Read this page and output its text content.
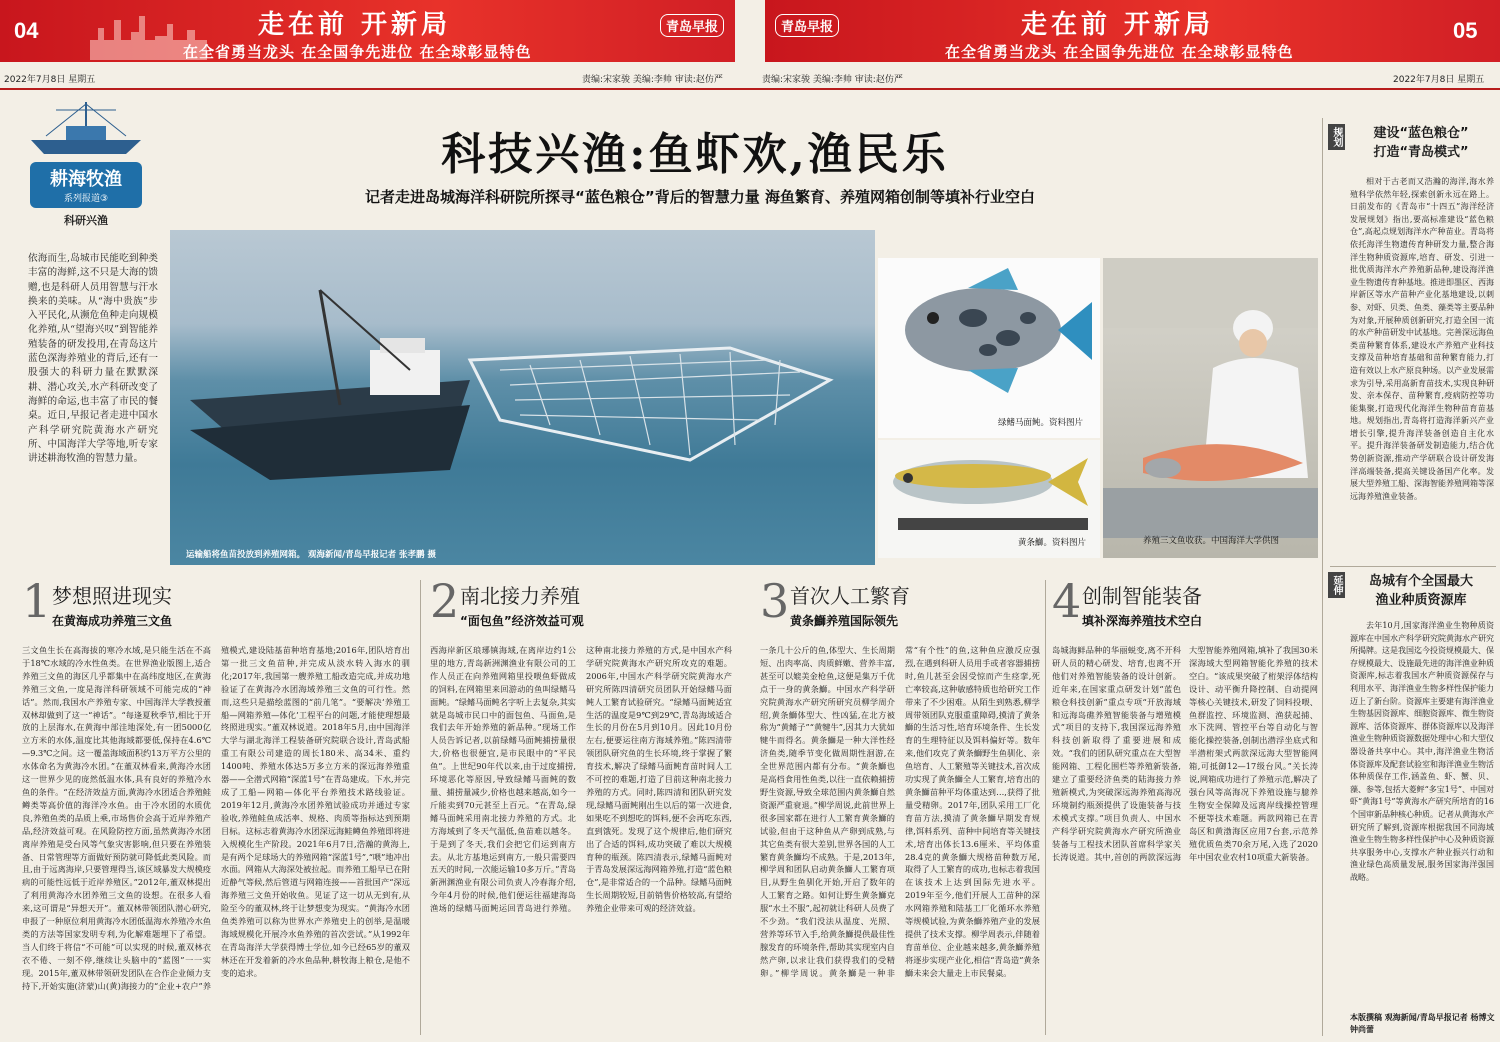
04	走在前 开新局
在全省勇当龙头 在全国争先进位 在全球彰显特色
青岛早报
2022年7月8日 星期五	责编:宋家骏 美编:李帅 审读:赵仿严
青岛早报	走在前 开新局
在全省勇当龙头 在全国争先进位 在全球彰显特色
05
责编:宋家骏 美编:李帅 审读:赵仿严	2022年7月8日 星期五
耕海牧渔
系列报道③
科研兴渔
科技兴渔:鱼虾欢,渔民乐
记者走进岛城海洋科研院所探寻“蓝色粮仓”背后的智慧力量 海鱼繁育、养殖网箱创制等填补行业空白
依海而生,岛城市民能吃到种类丰富的海鲜,这不只是大海的馈赠,也是科研人员用智慧与汗水换来的美味。从“海中贵族”步入平民化,从濒危鱼种走向规模化养殖,从“望海兴叹”到智能养殖装备的研发投用,在青岛这片蓝色深海养殖业的背后,还有一股强大的科研力量在默默深耕、潜心攻关,水产科研改变了海鲜的命运,也丰富了市民的餐桌。近日,早报记者走进中国水产科学研究院黄海水产研究所、中国海洋大学等地,听专家讲述耕海牧渔的智慧力量。
运输船将鱼苗投放到养殖网箱。 观海新闻/青岛早报记者 张孝鹏 摄
绿鳍马面鲀。资料图片
黄条鰤。资料图片	养殖三文鱼收获。中国海洋大学供图
1 梦想照进现实
在黄海成功养殖三文鱼
三文鱼生长在高海拔的寒冷水域,是只能生活在不高于18℃水域的冷水性鱼类。在世界渔业版图上,适合养殖三文鱼的海区几乎都集中在高纬度地区,在黄海养殖三文鱼,一度是海洋科研领域不可能完成的“神话”。然而,我国水产养殖专家、中国海洋大学教授董双林却做到了这一“神话”。“每逢夏秋季节,相比于开放的上层海水,在黄海中部洼地深处,有一团5000亿立方米的水体,温度比其他海域都要低,保持在4.6℃—9.3℃之间。这一覆盖海域面积约13万平方公里的水体命名为黄海冷水团。”在董双林看来,黄海冷水团这一世界少见的庞然低温水体,具有良好的养殖冷水鱼的条件。“在经济效益方面,黄海冷水团适合养殖鲑鳟类等高价值的海洋冷水鱼。由于冷水团的水质优良,养殖鱼类的品质上乘,市场售价会高于近岸养殖产品,经济效益可观。在风险防控方面,虽然黄海冷水团离岸养殖是受台风等气象灾害影响,但只要在养殖装备、日常管理等方面做好预防就可降低此类风险。而且,由于远离海岸,只要管理得当,该区域暴发大规模疫病的可能性远低于近岸养殖区。”2012年,董双林提出了利用黄海冷水团养殖三文鱼的设想。在很多人看来,这可谓是“异想天开”。董双林带领团队潜心研究,申报了一种原位利用黄海冷水团低温海水养殖冷水鱼类的方法等国家发明专利,为化解难题埋下了希望。当人们终于将信“不可能”可以实现的时候,董双林衣衣不倦、一刻不停,继续让头脑中的“蓝图”一一实现。2015年,董双林带领研发团队在合作企业倾力支持下,开始实施(济蒙)山(黄)海接力的“企业+农户”养殖模式,建设陆基苗种培育基地;2016年,团队培育出第一批三文鱼苗种,并完成从淡水转入海水的驯化;2017年,我国第一艘养殖工船改造完成,并成功地验证了在黄海冷水团海域养殖三文鱼的可行性。然而,这些只是描绘蓝图的“前几笔”。“要解决‘养殖工船—网箱养殖—体化’工程平台的问题,才能使理想最终照进现实。”董双林说道。2018年5月,由中国海洋大学与湖北海洋工程装备研究院联合设计,青岛武船重工有限公司建造的周长180米、高34米、重约1400吨、养殖水体达5万多立方米的深远海养殖重器——全潜式网箱“深蓝1号”在青岛建成。下水,并完成了工船—网箱—体化平台养殖技术路线验证。2019年12月,黄海冷水团养殖试验成功并通过专家验收,养殖鲑鱼成活率、规格、肉质等指标达到预期目标。这标志着黄海冷水团深远海鲑鳟鱼养殖即将进入规模化生产阶段。2021年6月7日,浩瀚的黄海上,是有两个足球场大的养殖网箱“深蓝1号”,“喂”地冲出水面。网箱从大海深处被拉起。而养殖工船早已在附近静气等候,然后管道与网箱连接——首批国产“深远海养殖三文鱼开始收鱼。见证了这一切从无到有,从险至今的董双林,终于让梦想变为现实。“黄海冷水团鱼类养殖可以称为世界水产养殖史上的创举,是温暖海域规模化开展冷水鱼养殖的首次尝试。”从1992年在青岛海洋大学获得博士学位,如今已经65岁的董双林还在开发着新的冷水鱼品种,耕牧海上粮仓,是他不变的追求。
2 南北接力养殖
“面包鱼”经济效益可观
西海岸新区琅琊镇海域,在离岸边约1公里的地方,青岛新洲渊渔业有限公司的工作人员正在向养殖网箱里投喂鱼虾做成的饲料,在网箱里来回游动的鱼叫绿鳍马面鲀。“绿鳍马面鲀名字听上去复杂,其实就是岛城市民口中的面包鱼、马面鱼,是我们去年开始养殖的新品种。”现场工作人员告诉记者,以前绿鳍马面鲀捕捞量很大,价格也很便宜,是市民眼中的“平民鱼”。上世纪90年代以来,由于过度捕捞,环境恶化等原因,导致绿鳍马面鲀的数量、捕捞量减少,价格也越来越高,如今一斤能卖到70元甚至上百元。“在青岛,绿鳍马面鲀采用南北接力养殖的方式。北方海域到了冬天气温低,鱼苗难以越冬。于是到了冬天,我们会把它们运到南方去。从北方基地运到南方,一般只需要四五天的时间,一次能运输10多万斤。”青岛新洲渊渔业有限公司负责人冷春海介绍,今年4月份的时候,他们便运往福建海岛渔场的绿鳍马面鲀运回青岛进行养殖。这种南北接力养殖的方式,是中国水产科学研究院黄海水产研究所攻克的难题。2006年,中国水产科学研究院黄海水产研究所陈四清研究员团队开始绿鳍马面鲀人工繁育试验研究。“绿鳍马面鲀适宜生活的温度是9℃到29℃,青岛海域适合生长的月份在5月到10月。因此10月份左右,便要运往南方海域养殖。”陈四清带领团队研究鱼的生长环境,终于掌握了繁育技术,解决了绿鳍马面鲀育苗时间人工不可控的难题,打造了目前这种南北接力养殖的方式。同时,陈四清和团队研究发现,绿鳍马面鲀刚出生以后的第一次进食,如果吃不到想吃的饵料,便不会再吃东西,直到饿死。发现了这个规律后,他们研究出了合适的饵料,成功突破了难以大规模育种的瓶颈。陈四清表示,绿鳍马面鲀对于青岛发展深远海网箱养殖,打造“蓝色粮仓”,是非常适合的一个品种。绿鳍马面鲀生长周期较短,目前销售价格较高,有望给养殖企业带来可观的经济效益。
3 首次人工繁育
黄条鰤养殖国际领先
一条几十公斤的鱼,体型大、生长周期短、出肉率高、肉质鲜嫩、营养丰富,甚至可以媲美金枪鱼,这便是集万千优点于一身的黄条鰤。中国水产科学研究院黄海水产研究所研究员柳学周介绍,黄条鰤体型大、性凶猛,在北方被称为“黄鳍子”“黄犍牛”,因其力大犹如犍牛而得名。黄条鰤是一种大洋性经济鱼类,随季节变化做周期性洄游,在全世界范围内都有分布。“黄条鰤也是高档食用性鱼类,以往一直依赖捕捞野生资源,导致全球范围内黄条鰤自然资源严重衰退。”柳学周说,此前世界上很多国家都在进行人工繁育黄条鰤的试验,但由于这种鱼从产卵到成熟,与其它鱼类有很大差别,世界各国的人工繁育黄条鰤均不成熟。于是,2013年,柳学周和团队启动黄条鰤人工繁育项目,从野生鱼驯化开始,开启了数年的人工繁育之路。如何让野生黄条鰤克服“水土不服”,起初就让科研人员费了不少劲。“我们没法从温度、光照、营养等环节入手,给黄条鰤提供最佳性腺发育的环境条件,帮助其实现室内自然产卵,以求让我们获得我们的受精卵。”柳学周说。黄条鰤是一种非常“有个性”的鱼,这种鱼应激反应强烈,在遇到科研人员用手或者容器捕捞时,鱼儿甚至会因受惊而产生痉挛,死亡率较高,这种敏感特质也给研究工作带来了不少困难。从陌生到熟悉,柳学周带领团队克服重重障碍,摸清了黄条鰤的生活习性,培育环境条件、生长发育的生理特征以及饵料偏好等。数年来,他们攻克了黄条鰤野生鱼驯化、亲鱼培育、人工繁殖等关键技术,首次成功实现了黄条鰤全人工繁育,培育出的黄条鰤苗种平均体重达到…,获得了批量受精卵。2017年,团队采用工厂化育苗方法,摸清了黄条鰤早期发育规律,饵料系列、苗种中间培育等关键技术,培育出体长13.6厘米、平均体重28.4克的黄条鰤大规格苗种数万尾,取得了人工繁育的成功,也标志着我国在该技术上达到国际先进水平。2019年至今,他们开展人工苗种的深水网箱养殖和陆基工厂化循环水养殖等规模试验,为黄条鰤养殖产业的发展提供了技术支撑。柳学周表示,伴随着育苗单位、企业越来越多,黄条鰤养殖将逐步实现产业化,相信“青岛造”黄条鰤未来会大量走上市民餐桌。
4 创制智能装备
填补深海养殖技术空白
岛城海鲜品种的华丽蜕变,离不开科研人员的精心研发、培育,也离不开他们对养殖智能装备的设计创新。近年来,在国家重点研发计划“蓝色粮仓科技创新”重点专项“开放海域和远海岛礁养殖智能装备与增殖模式”项目的支持下,我国深远海养殖科技创新取得了重要进展和成效。“我们的团队研究重点在大型智能网箱、工程化围栏等养殖新装备,建立了重要经济鱼类的陆海接力养殖新模式,为突破深远海养殖高海况环境制约瓶颈提供了设施装备与技术模式支撑。”项目负责人、中国水产科学研究院黄海水产研究所渔业装备与工程技术团队首席科学家关长涛说道。其中,首创的两款深远海大型智能养殖网箱,填补了我国30米深海域大型网箱智能化养殖的技术空白。“该成果突破了桁架浮体结构设计、动平衡升降控制、自动提网等核心关键技术,研发了饲料投喂、鱼群监控、环境监测、渔获起捕、水下洗网、管控平台等自动化与智能化操控装备,创制出潜浮坐底式和半潜桁架式两款深远海大型智能网箱,可抵御12—17级台风。”关长涛说,网箱成功进行了养殖示范,解决了强台风等高海况下养殖设施与臆养生物安全保障及远离岸线操控管理不便等技术难题。两款网箱已在青岛区和黄渤海区应用7台套,示范养殖优质鱼类70余万尾,入选了2020年中国农业农村10项重大新装备。
规划	建设“蓝色粮仓”
打造“青岛模式”
相对于古老而又浩瀚的海洋,海水养殖科学依然年轻,探索创新永远在路上。日前发布的《青岛市“十四五”海洋经济发展规划》指出,要高标准建设“蓝色粮仓”,高起点规划海洋水产种苗业。青岛将依托海洋生物遗传育种研发力量,整合海洋生物种质资源库,培育、研发、引进一批优质海洋水产养殖新品种,建设海洋渔业生物遗传育种基地。推进即墨区、西海岸新区等水产苗种产业化基地建设,以刺参、对虾、贝类、鱼类、藻类等主要品种为对象,开展种质创新研究,打造全国一流的水产种苗研发中试基地。完善深远海鱼类苗种繁育体系,建设水产养殖产业科技支撑及苗种培育基础和苗种繁育能力,打造有效以上水产原良种场。以产业发展需求为引导,采用高新育苗技术,实现良种研发、亲本保存、苗种繁育,疫病防控等功能集聚,打造现代化海洋生物种苗育苗基地。规划指出,青岛将打造海洋新兴产业增长引擎,提升海洋装备创造自主化水平。提升海洋装备研发制造能力,结合优势创新资源,推动产学研联合设计研发海洋高端装备,提高关键设备国产化率。发展大型养殖工船、深海智能养殖网箱等深远海养殖渔业装备。
延伸	岛城有个全国最大
渔业种质资源库
去年10月,国家海洋渔业生物种质资源库在中国水产科学研究院黄海水产研究所揭牌。这是我国迄今投资规模最大、保存规模最大、设施最先进的海洋渔业种质资源库,标志着我国水产种质资源保存与利用水平、海洋渔业生物多样性保护能力迈上了新台阶。资源库主要建有海洋渔业生物基因资源库、细胞资源库、微生物资源库、活体资源库、群体资源库以及海洋渔业生物种质资源数据处理中心和大型仪器设备共享中心。其中,海洋渔业生物活体资源库及配套试验室和海洋渔业生物活体种质保存工作,涵盖鱼、虾、蟹、贝、藻、参等,包括大菱鲆“多宝1号”、中国对虾“黄海1号”等黄海水产研究所培育的16个国审新品种核心种质。记者从黄海水产研究所了解到,资源库根据我国不同海域渔业生物生物多样性保护中心及种质资源共享服务中心,支撑水产种业振兴行动和渔业绿色高质量发展,服务国家海洋强国战略。
本版撰稿 观海新闻/青岛早报记者 杨博文 钟尚蕾
